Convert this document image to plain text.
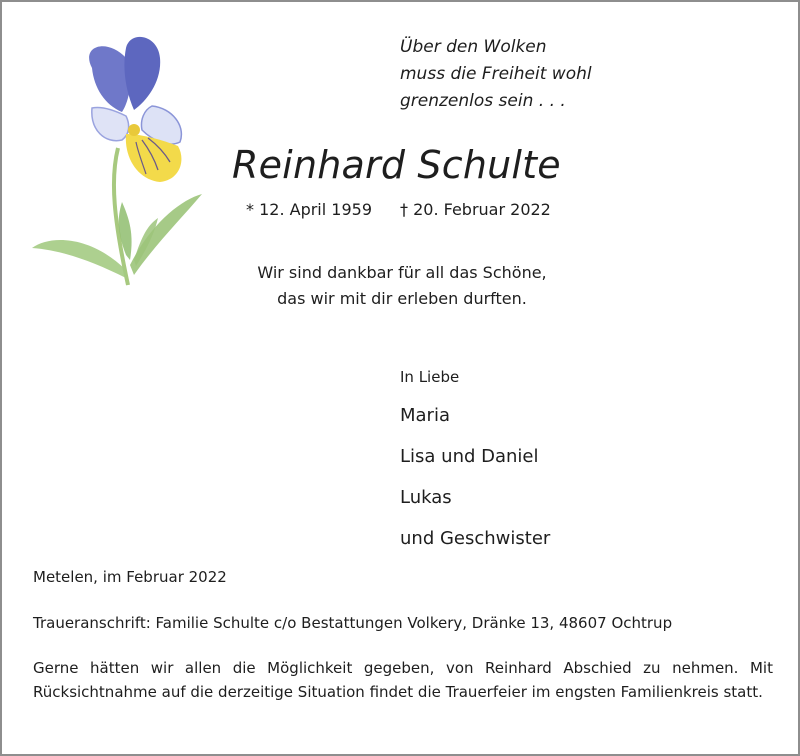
Über den Wolken
muss die Freiheit wohl
grenzenlos sein . . .
Reinhard Schulte
* 12. April 1959 † 20. Februar 2022
Wir sind dankbar für all das Schöne,
das wir mit dir erleben durften.
In Liebe
Maria
Lisa und Daniel
Lukas
und Geschwister
Metelen, im Februar 2022
Traueranschrift: Familie Schulte c/o Bestattungen Volkery, Dränke 13, 48607 Ochtrup
Gerne hätten wir allen die Möglichkeit gegeben, von Reinhard Abschied zu nehmen. Mit Rücksichtnahme auf die derzeitige Situation findet die Trauerfeier im engsten Familienkreis statt.
